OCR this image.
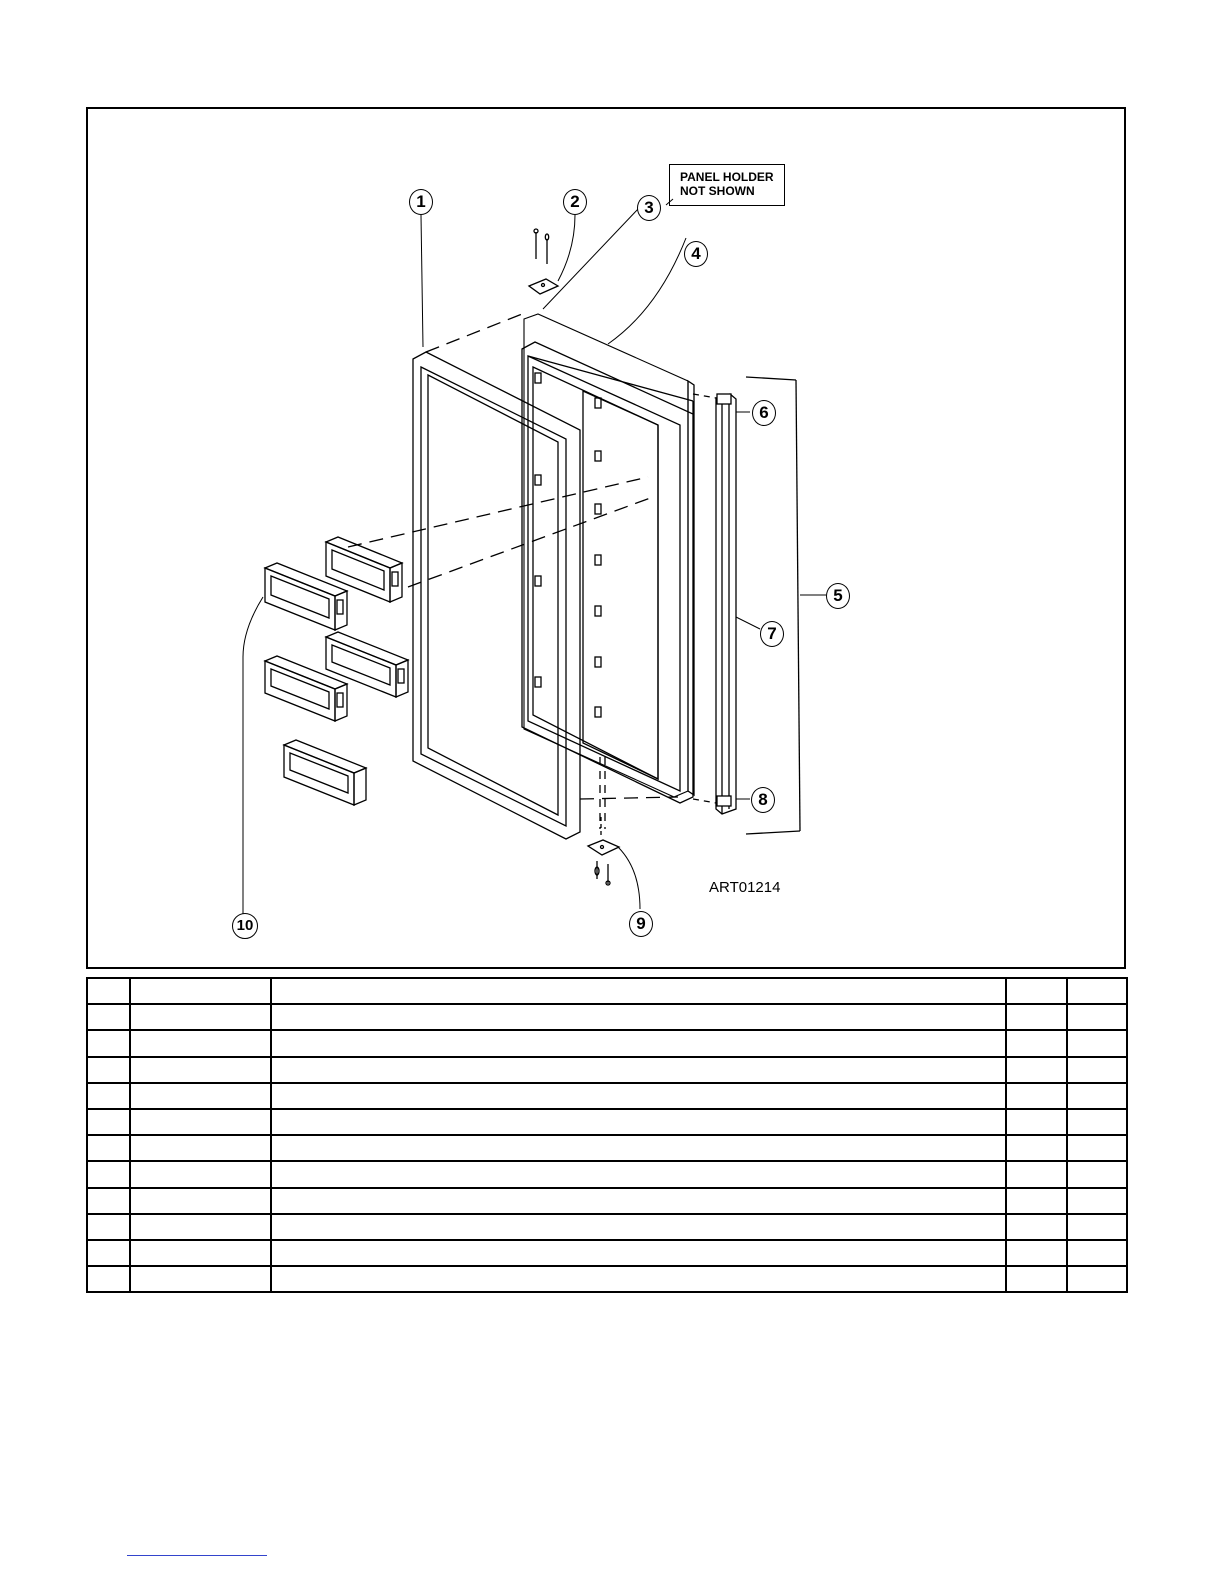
PANEL HOLDER
NOT SHOWN
ART01214
1	2	3
4
5
6
7
8
9
10
